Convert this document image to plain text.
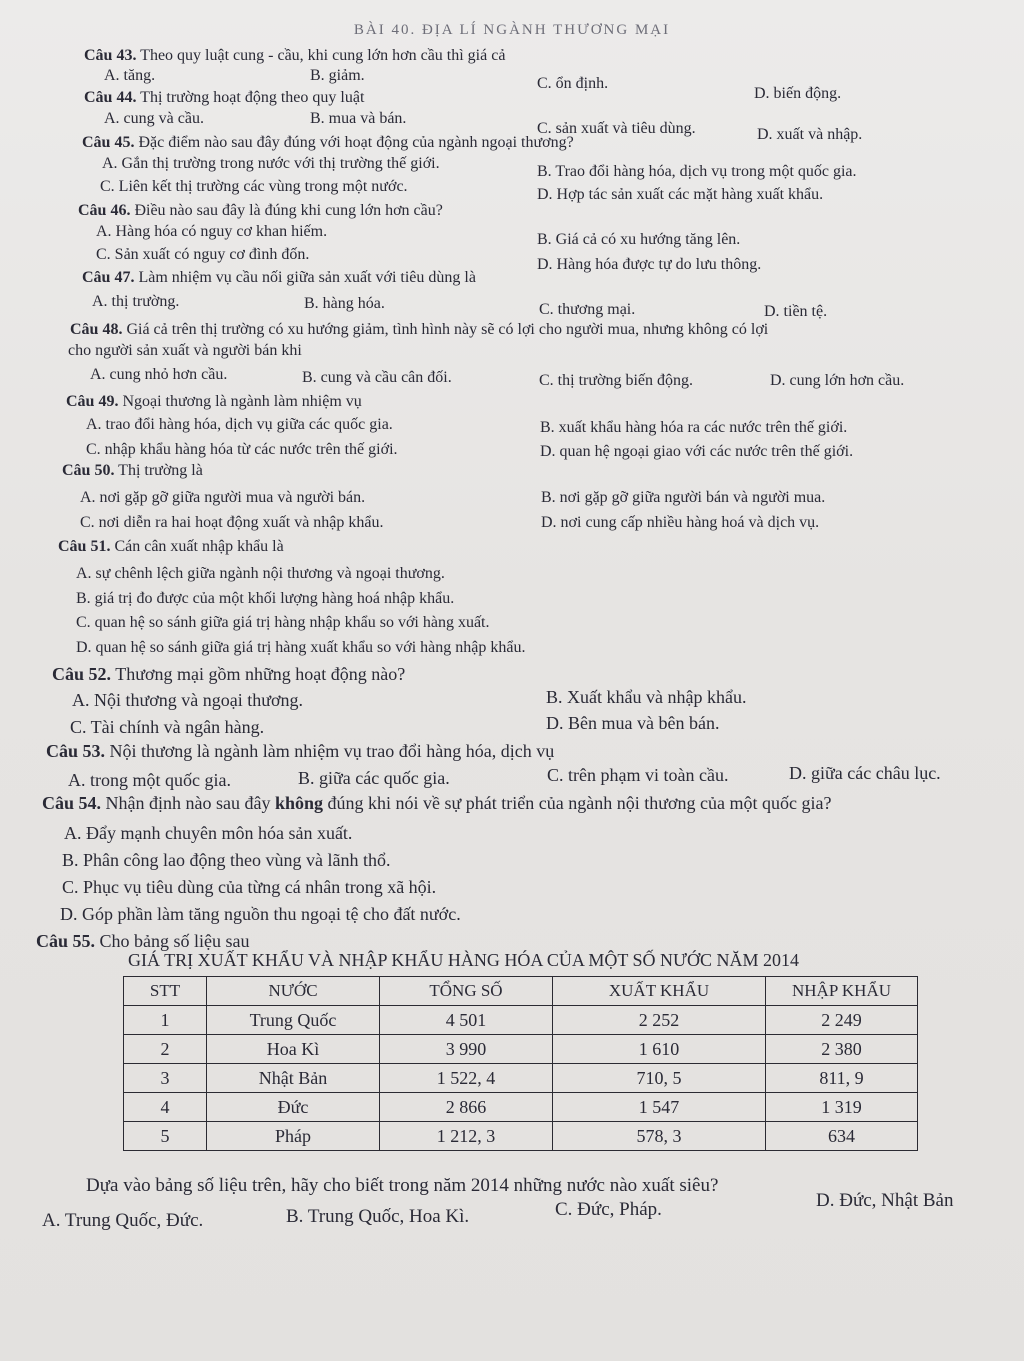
BÀI 40. ĐỊA LÍ NGÀNH THƯƠNG MẠI
Câu 43. Theo quy luật cung - cầu, khi cung lớn hơn cầu thì giá cả
A. tăng.	B. giảm.	C. ổn định.
D. biến động.
Câu 44. Thị trường hoạt động theo quy luật
A. cung và cầu.	B. mua và bán.
C. sản xuất và tiêu dùng.	D. xuất và nhập.
Câu 45. Đặc điểm nào sau đây đúng với hoạt động của ngành ngoại thương?
A. Gắn thị trường trong nước với thị trường thế giới.	B. Trao đổi hàng hóa, dịch vụ trong một quốc gia.
C. Liên kết thị trường các vùng trong một nước.	D. Hợp tác sản xuất các mặt hàng xuất khẩu.
Câu 46. Điều nào sau đây là đúng khi cung lớn hơn cầu?
A. Hàng hóa có nguy cơ khan hiếm.	B. Giá cả có xu hướng tăng lên.
C. Sản xuất có nguy cơ đình đốn.
D. Hàng hóa được tự do lưu thông.
Câu 47. Làm nhiệm vụ cầu nối giữa sản xuất với tiêu dùng là
A. thị trường.	B. hàng hóa.	C. thương mại.	D. tiền tệ.
Câu 48. Giá cả trên thị trường có xu hướng giảm, tình hình này sẽ có lợi cho người mua, nhưng không có lợi
cho người sản xuất và người bán khi
A. cung nhỏ hơn cầu.	B. cung và cầu cân đối.	C. thị trường biến động.	D. cung lớn hơn cầu.
Câu 49. Ngoại thương là ngành làm nhiệm vụ
A. trao đổi hàng hóa, dịch vụ giữa các quốc gia.	B. xuất khẩu hàng hóa ra các nước trên thế giới.
C. nhập khẩu hàng hóa từ các nước trên thế giới.	D. quan hệ ngoại giao với các nước trên thế giới.
Câu 50. Thị trường là
A. nơi gặp gỡ giữa người mua và người bán.	B. nơi gặp gỡ giữa người bán và người mua.
C. nơi diễn ra hai hoạt động xuất và nhập khẩu.	D. nơi cung cấp nhiều hàng hoá và dịch vụ.
Câu 51. Cán cân xuất nhập khẩu là
A. sự chênh lệch giữa ngành nội thương và ngoại thương.
B. giá trị đo được của một khối lượng hàng hoá nhập khẩu.
C. quan hệ so sánh giữa giá trị hàng nhập khẩu so với hàng xuất.
D. quan hệ so sánh giữa giá trị hàng xuất khẩu so với hàng nhập khẩu.
Câu 52. Thương mại gồm những hoạt động nào?
A. Nội thương và ngoại thương.	B. Xuất khẩu và nhập khẩu.
C. Tài chính và ngân hàng.	D. Bên mua và bên bán.
Câu 53. Nội thương là ngành làm nhiệm vụ trao đổi hàng hóa, dịch vụ
A. trong một quốc gia.	B. giữa các quốc gia.	C. trên phạm vi toàn cầu.	D. giữa các châu lục.
Câu 54. Nhận định nào sau đây không đúng khi nói về sự phát triển của ngành nội thương của một quốc gia?
A. Đẩy mạnh chuyên môn hóa sản xuất.
B. Phân công lao động theo vùng và lãnh thổ.
C. Phục vụ tiêu dùng của từng cá nhân trong xã hội.
D. Góp phần làm tăng nguồn thu ngoại tệ cho đất nước.
Câu 55. Cho bảng số liệu sau
GIÁ TRỊ XUẤT KHẨU VÀ NHẬP KHẨU HÀNG HÓA CỦA MỘT SỐ NƯỚC NĂM 2014
STT	NƯỚC	TỔNG SỐ	XUẤT KHẨU	NHẬP KHẨU
1	Trung Quốc	4 501	2 252	2 249
2	Hoa Kì	3 990	1 610	2 380
3	Nhật Bản	1 522, 4	710, 5	811, 9
4	Đức	2 866	1 547	1 319
5	Pháp	1 212, 3	578, 3	634
Dựa vào bảng số liệu trên, hãy cho biết trong năm 2014 những nước nào xuất siêu?
A. Trung Quốc, Đức.	B. Trung Quốc, Hoa Kì.	C. Đức, Pháp.	D. Đức, Nhật Bản
